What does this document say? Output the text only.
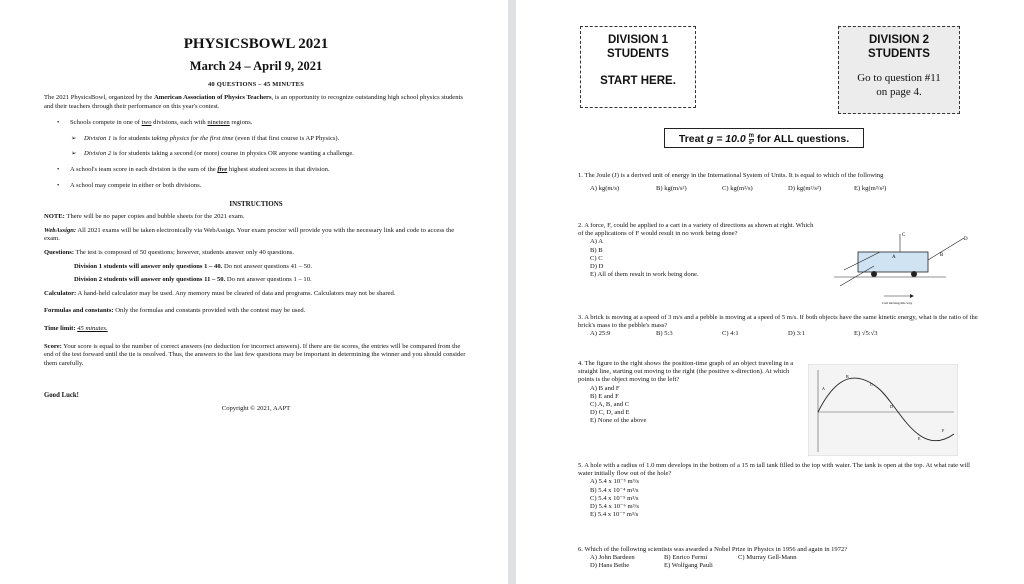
PHYSICSBOWL 2021
March 24 – April 9, 2021
40 QUESTIONS – 45 MINUTES

The 2021 PhysicsBowl, organized by the American Association of Physics Teachers, is an opportunity to recognize outstanding high school physics students and their teachers through their performance on this year's contest.

• Schools compete in one of two divisions, each with nineteen regions.
➢ Division 1 is for students taking physics for the first time (even if that first course is AP Physics).
➢ Division 2 is for students taking a second (or more) course in physics OR anyone wanting a challenge.
• A school's team score in each division is the sum of the five highest student scores in that division.
• A school may compete in either or both divisions.
INSTRUCTIONS
NOTE: There will be no paper copies and bubble sheets for the 2021 exam.
WebAssign: All 2021 exams will be taken electronically via WebAssign. Your exam proctor will provide you with the necessary link and code to access the exam.
Questions: The test is composed of 50 questions; however, students answer only 40 questions.
Division 1 students will answer only questions 1 – 40. Do not answer questions 41 – 50.
Division 2 students will answer only questions 11 – 50. Do not answer questions 1 – 10.
Calculator: A hand-held calculator may be used. Any memory must be cleared of data and programs. Calculators may not be shared.
Formulas and constants: Only the formulas and constants provided with the contest may be used.
Time limit: 45 minutes.
Score: Your score is equal to the number of correct answers (no deduction for incorrect answers). If there are tie scores, the entries will be compared from the end of the test forward until the tie is resolved. Thus, the answers to the last few questions may be important in determining the winner and you should consider them carefully.
Good Luck!
Copyright © 2021, AAPT
DIVISION 1
STUDENTS
START HERE.
DIVISION 2
STUDENTS
Go to question #11
on page 4.
Treat $g = 10.0 \frac{m}{\text{s²}}$ for ALL questions.
1. The Joule (J) is a derived unit of energy in the International System of Units. It is equal to which of the following
A) kg(m/s)	B) kg(m/s²)	C) kg(m²/s)	D) kg(m²/s²)	E) kg(m³/s²)
2. A force, F, could be applied to a cart in a variety of directions as shown at right. Which of the applications of F would result in no work being done?
A) A
B) B
C) C
D) D
E) All of them result in work being done.
A	B
C
D
Cart moving this way
3. A brick is moving at a speed of 3 m/s and a pebble is moving at a speed of 5 m/s. If both objects have the same kinetic energy, what is the ratio of the brick's mass to the pebble's mass?
A) 25:9	B) 5:3	C) 4:1	D) 3:1	E) √5:√3
4. The figure to the right shows the position-time graph of an object traveling in a straight line, starting out moving to the right (the positive x-direction). At which points is the object moving to the left?
A) B and F
B) E and F
C) A, B, and C
D) C, D, and E
E) None of the above
A
B
C
D
E
F
5. A hole with a radius of 1.0 mm develops in the bottom of a 15 m tall tank filled to the top with water. The tank is open at the top. At what rate will water initially flow out of the hole?
A) 5.4 x 10⁻⁵ m³/s
B) 5.4 x 10⁻⁴ m³/s
C) 5.4 x 10⁻⁵ m³/s
D) 5.4 x 10⁻⁶ m³/s
E) 5.4 x 10⁻⁷ m³/s
6. Which of the following scientists was awarded a Nobel Prize in Physics in 1956 and again in 1972?
A) John Bardeen	B) Enrico Fermi	C) Murray Gell-Mann
D) Hans Bethe	E) Wolfgang Pauli
